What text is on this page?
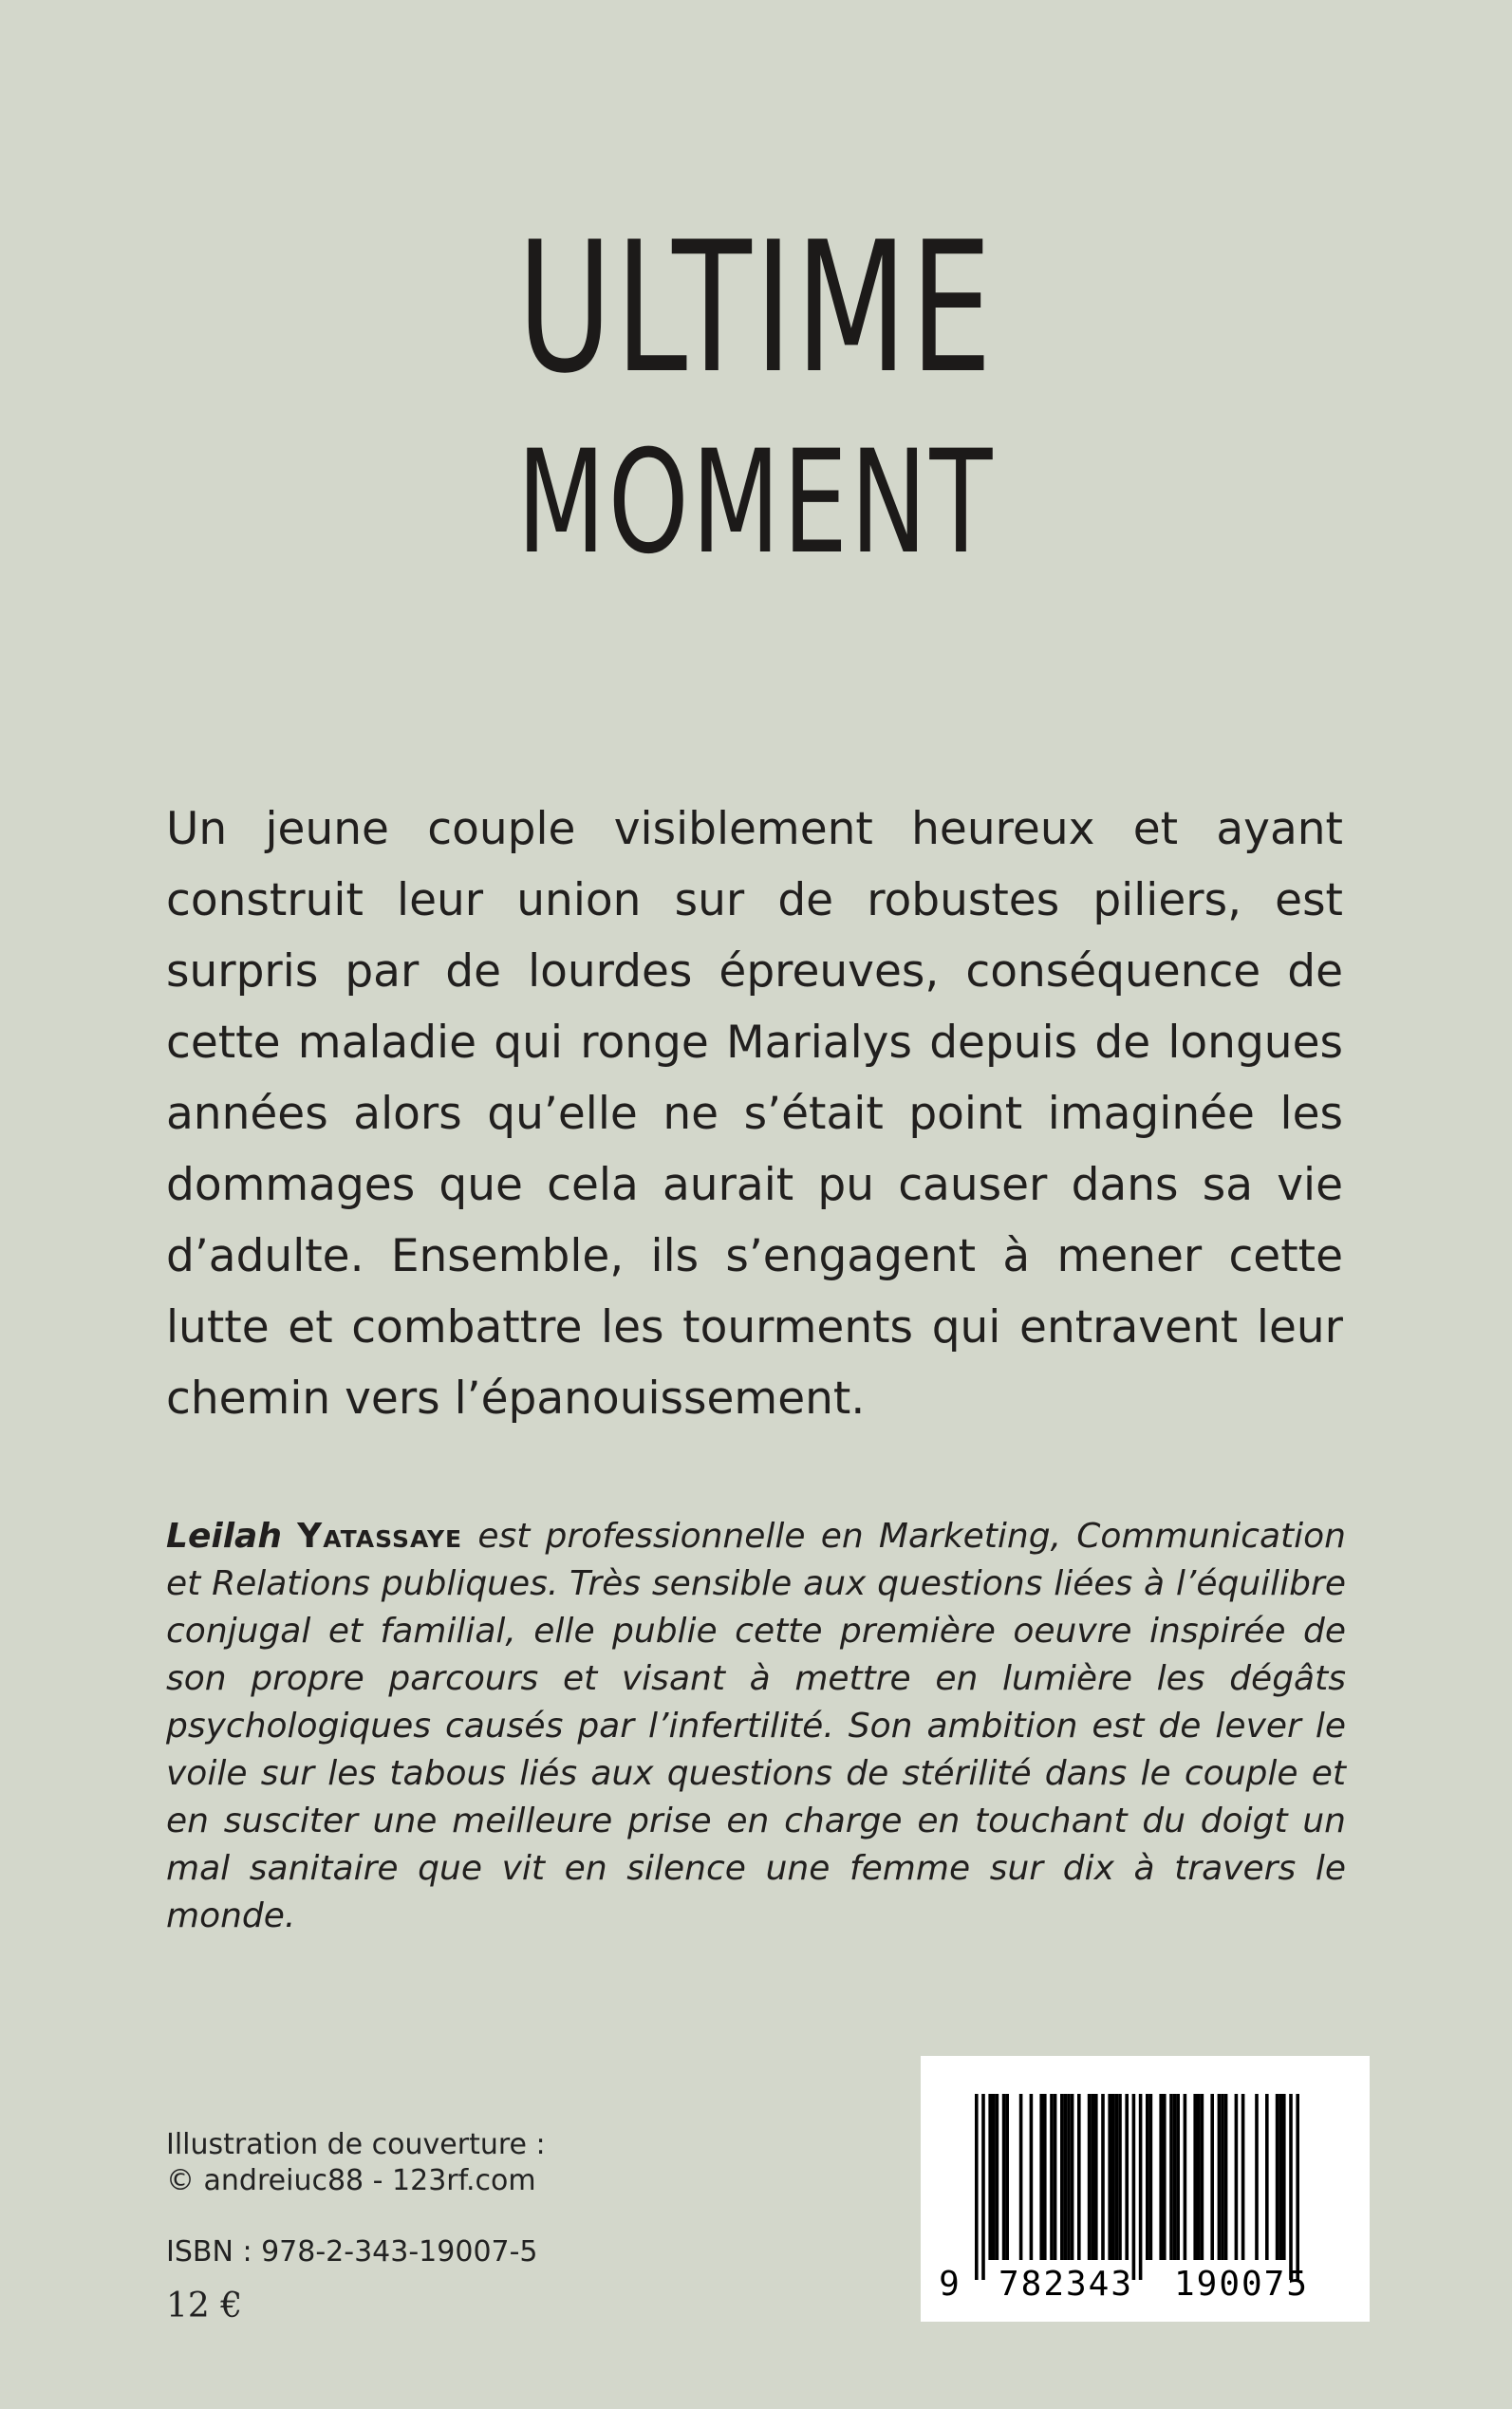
ULTIME
MOMENT

Un jeune couple visiblement heureux et ayant construit leur union sur de robustes piliers, est surpris par de lourdes épreuves, conséquence de cette maladie qui ronge Marialys depuis de longues années alors qu’elle ne s’était point imaginée les dommages que cela aurait pu causer dans sa vie d’adulte. Ensemble, ils s’engagent à mener cette lutte et combattre les tourments qui entravent leur chemin vers l’épanouissement.

Leilah Yatassaye est professionnelle en Marketing, Communication et Relations publiques. Très sensible aux questions liées à l’équilibre conjugal et familial, elle publie cette première oeuvre inspirée de son propre parcours et visant à mettre en lumière les dégâts psychologiques causés par l’infertilité. Son ambition est de lever le voile sur les tabous liés aux questions de stérilité dans le couple et en susciter une meilleure prise en charge en touchant du doigt un mal sanitaire que vit en silence une femme sur dix à travers le monde.

Illustration de couverture :
© andreiuc88 - 123rf.com
ISBN : 978-2-343-19007-5
12 €
9 782343 190075
